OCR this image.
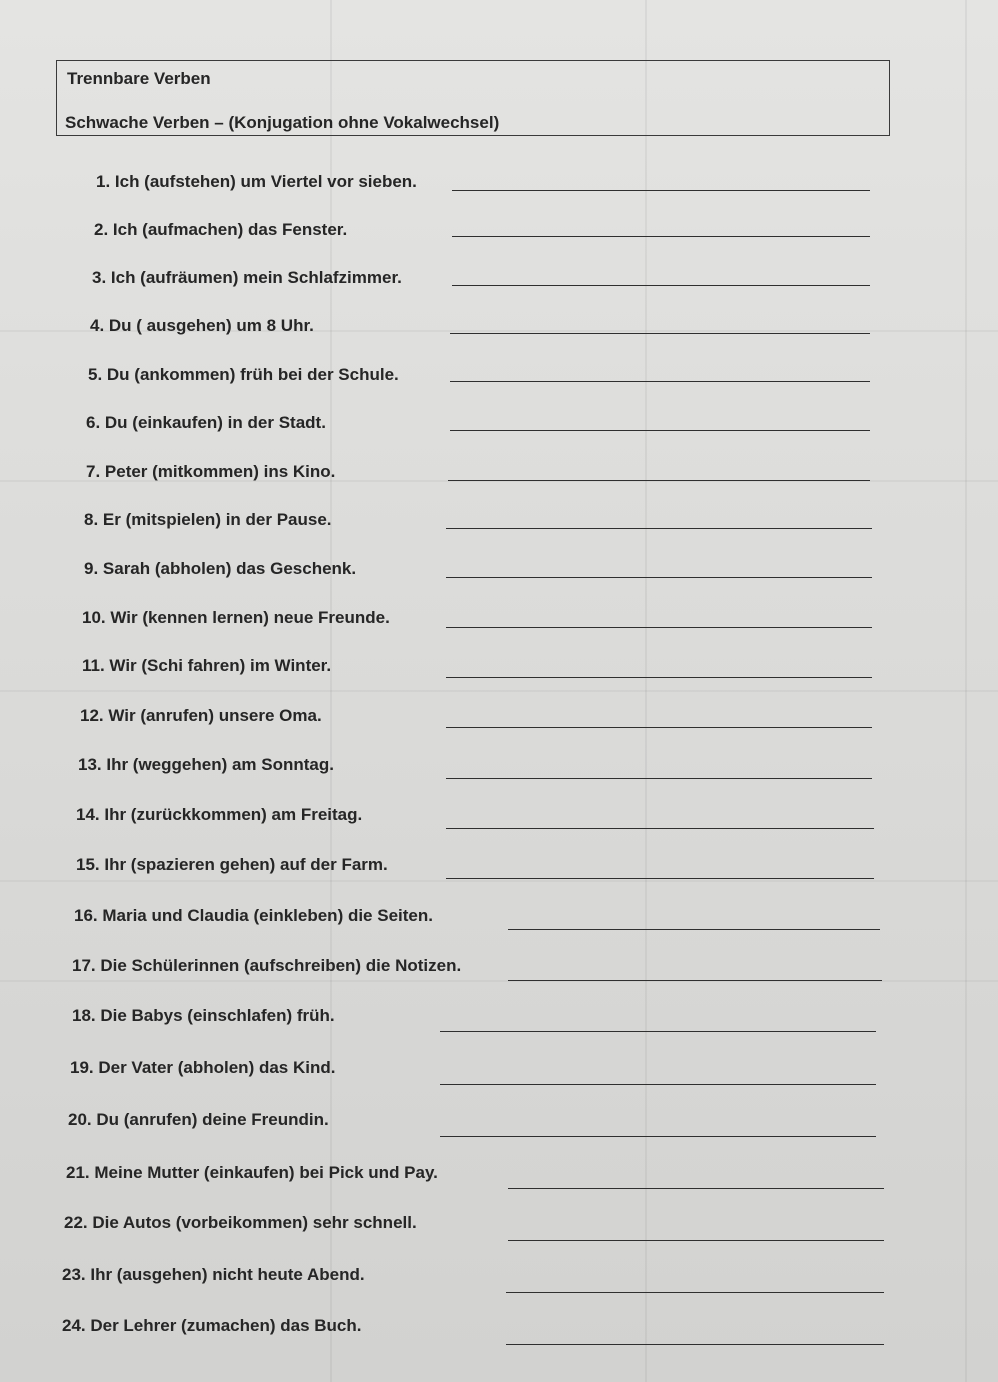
Trennbare Verben
Schwache Verben – (Konjugation ohne Vokalwechsel)
1. Ich (aufstehen) um Viertel vor sieben.
2. Ich (aufmachen) das Fenster.
3. Ich (aufräumen) mein Schlafzimmer.
4. Du ( ausgehen) um 8 Uhr.
5. Du (ankommen) früh bei der Schule.
6. Du (einkaufen) in der Stadt.
7. Peter (mitkommen) ins Kino.
8. Er (mitspielen) in der Pause.
9. Sarah (abholen) das Geschenk.
10. Wir (kennen lernen) neue Freunde.
11. Wir (Schi fahren) im Winter.
12. Wir (anrufen) unsere Oma.
13. Ihr (weggehen) am Sonntag.
14. Ihr (zurückkommen) am Freitag.
15. Ihr (spazieren gehen) auf der Farm.
16. Maria und Claudia (einkleben) die Seiten.
17. Die Schülerinnen (aufschreiben) die Notizen.
18. Die Babys (einschlafen) früh.
19. Der Vater (abholen) das Kind.
20. Du (anrufen) deine Freundin.
21. Meine Mutter (einkaufen) bei Pick und Pay.
22. Die Autos (vorbeikommen) sehr schnell.
23. Ihr (ausgehen) nicht heute Abend.
24. Der Lehrer (zumachen) das Buch.
